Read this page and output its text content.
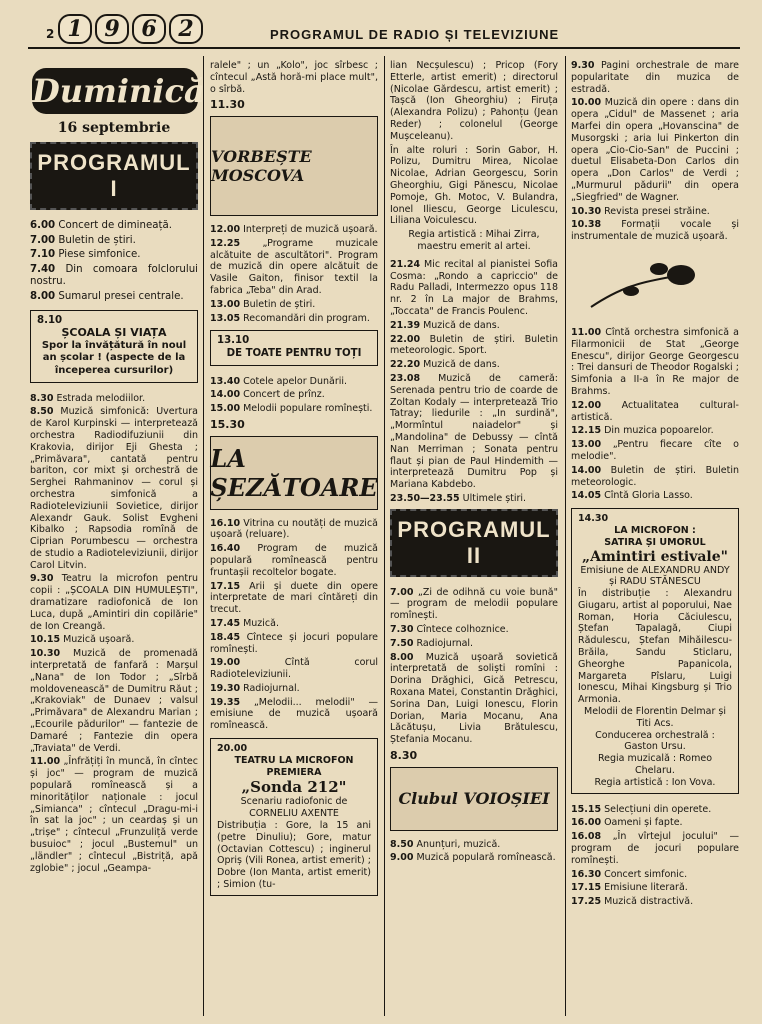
2 1 9 6 2	PROGRAMUL DE RADIO ȘI TELEVIZIUNE
Duminică
16 septembrie
PROGRAMUL I

6.00 Concert de dimineață.

7.00 Buletin de știri.

7.10 Piese simfonice.

7.40 Din comoara folclorului nostru.

8.00 Sumarul presei centrale.

8.10
ȘCOALA ȘI VIAȚA
Spor la învățătură în noul an școlar ! (aspecte de la începerea cursurilor)

8.30 Estrada melodiilor.

8.50 Muzică simfonică: Uvertura de Karol Kurpinski — interpretează orchestra Radiodifuziunii din Krakovia, dirijor Eji Ghesta ; „Primăvara", cantată pentru bariton, cor mixt și orchestră de Serghei Rahmaninov — corul și orchestra simfonică a Radioteleviziunii Sovietice, dirijor Alexandr Gauk. Solist Evgheni Kibalko ; Rapsodia romînă de Ciprian Porumbescu — orchestra de studio a Radioteleviziunii, dirijor Carol Litvin.

9.30 Teatru la microfon pentru copii : „ȘCOALA DIN HUMULEȘTI", dramatizare radiofonică de Ion Luca, după „Amintiri din copilărie" de Ion Creangă.

10.15 Muzică ușoară.

10.30 Muzică de promenadă interpretată de fanfară : Marșul „Nana" de Ion Todor ; „Sîrbă moldovenească" de Dumitru Răut ; „Krakoviak" de Dunaev ; valsul „Primăvara" de Alexandru Marian ; „Ecourile pădurilor" — fantezie de Damaré ; Fantezie din opera „Traviata" de Verdi.

11.00 „Înfrățiți în muncă, în cîntec și joc" — program de muzică populară romînească și a minorităților naționale : jocul „Simianca" ; cîntecul „Dragu-mi-i în sat la joc" ; un ceardaș și un „trișe" ; cîntecul „Frunzuliță verde busuioc" ; jocul „Bustemul" un „ländler" ; cîntecul „Bistriță, apă zglobie" ; jocul „Geampa-

ralele" ; un „Kolo", joc sîrbesc ; cîntecul „Astă horă-mi place mult", o sîrbă.

11.30
VORBEȘTE MOSCOVA

12.00 Interpreți de muzică ușoară.

12.25 „Programe muzicale alcătuite de ascultători". Program de muzică din opere alcătuit de Vasile Gaiton, finisor textil la fabrica „Teba" din Arad.

13.00 Buletin de știri.

13.05 Recomandări din program.

13.10
DE TOATE PENTRU TOȚI

13.40 Cotele apelor Dunării.

14.00 Concert de prînz.

15.00 Melodii populare romînești.

15.30
LA ȘEZĂTOARE

16.10 Vitrina cu noutăți de muzică ușoară (reluare).

16.40 Program de muzică populară romînească pentru fruntașii recoltelor bogate.

17.15 Arii și duete din opere interpretate de mari cîntăreți din trecut.

17.45 Muzică.

18.45 Cîntece și jocuri populare romînești.

19.00 Cîntă corul Radioteleviziunii.

19.30 Radiojurnal.

19.35 „Melodii... melodii" — emisiune de muzică ușoară romînească.

20.00
TEATRU LA MICROFON
PREMIERA
„Sonda 212"
Scenariu radiofonic de CORNELIU AXENTE
Distribuția : Gore, la 15 ani (petre Dinuliu); Gore, matur (Octavian Cottescu) ; inginerul Opriș (Vili Ronea, artist emerit) ; Dobre (Ion Manta, artist emerit) ; Simion (tu-

lian Necșulescu) ; Pricop (Fory Etterle, artist emerit) ; directorul (Nicolae Gărdescu, artist emerit) ; Tașcă (Ion Gheorghiu) ; Firuța (Alexandra Polizu) ; Pahonțu (Jean Reder) ; colonelul (George Mușceleanu).

În alte roluri : Sorin Gabor, H. Polizu, Dumitru Mirea, Nicolae Nicolae, Adrian Georgescu, Sorin Gheorghiu, Gigi Pănescu, Nicolae Pomoje, Gh. Motoc, V. Bulandra, Ionel Iliescu, George Liculescu, Liliana Voiculescu.

Regia artistică : Mihai Zirra, maestru emerit al artei.

21.24 Mic recital al pianistei Sofia Cosma: „Rondo a capriccio" de Radu Palladi, Intermezzo opus 118 nr. 2 în La major de Brahms, „Toccata" de Francis Poulenc.

21.39 Muzică de dans.

22.00 Buletin de știri. Buletin meteorologic. Sport.

22.20 Muzică de dans.

23.08 Muzică de cameră: Serenada pentru trio de coarde de Zoltan Kodaly — interpretează Trio Tatray; liedurile : „In surdină", „Mormîntul naiadelor" și „Mandolina" de Debussy — cîntă Nan Merriman ; Sonata pentru flaut și pian de Paul Hindemith — interpretează Dumitru Pop și Mariana Kabdebo.

23.50—23.55 Ultimele știri.

PROGRAMUL II

7.00 „Zi de odihnă cu voie bună" — program de melodii populare romînești.

7.30 Cîntece colhoznice.

7.50 Radiojurnal.

8.00 Muzică ușoară sovietică interpretată de soliști romîni : Dorina Drăghici, Gică Petrescu, Roxana Matei, Constantin Drăghici, Sorina Dan, Luigi Ionescu, Florin Dorian, Maria Mocanu, Ana Lăcătușu, Livia Brătulescu, Ștefania Mocanu.

8.30
Clubul VOIOȘIEI

8.50 Anunțuri, muzică.

9.00 Muzică populară romînească.

9.30 Pagini orchestrale de mare popularitate din muzica de estradă.

10.00 Muzică din opere : dans din opera „Cidul" de Massenet ; aria Marfei din opera „Hovanscina" de Musorgski ; aria lui Pinkerton din opera „Cio-Cio-San" de Puccini ; duetul Elisabeta-Don Carlos din opera „Don Carlos" de Verdi ; „Murmurul pădurii" din opera „Siegfried" de Wagner.

10.30 Revista presei străine.

10.38 Formații vocale și instrumentale de muzică ușoară.

11.00 Cîntă orchestra simfonică a Filarmonicii de Stat „George Enescu", dirijor George Georgescu : Trei dansuri de Theodor Rogalski ; Simfonia a II-a în Re major de Brahms.

12.00 Actualitatea cultural-artistică.

12.15 Din muzica popoarelor.

13.00 „Pentru fiecare cîte o melodie".

14.00 Buletin de știri. Buletin meteorologic.

14.05 Cîntă Gloria Lasso.

14.30
LA MICROFON :
SATIRA ȘI UMORUL
„Amintiri estivale"
Emisiune de ALEXANDRU ANDY și RADU STĂNESCU
În distribuție : Alexandru Giugaru, artist al poporului, Nae Roman, Horia Căciulescu, Ștefan Tapalagă, Ciupi Rădulescu, Ștefan Mihăilescu-Brăila, Sandu Sticlaru, Gheorghe Papanicola, Margareta Pîslaru, Luigi Ionescu, Mihai Kingsburg și Trio Armonia.
Melodii de Florentin Delmar și Titi Acs.
Conducerea orchestrală : Gaston Ursu.
Regia muzicală : Romeo Chelaru.
Regia artistică : Ion Vova.

15.15 Selecțiuni din operete.

16.00 Oameni și fapte.

16.08 „În vîrtejul jocului" — program de jocuri populare romînești.

16.30 Concert simfonic.

17.15 Emisiune literară.

17.25 Muzică distractivă.
